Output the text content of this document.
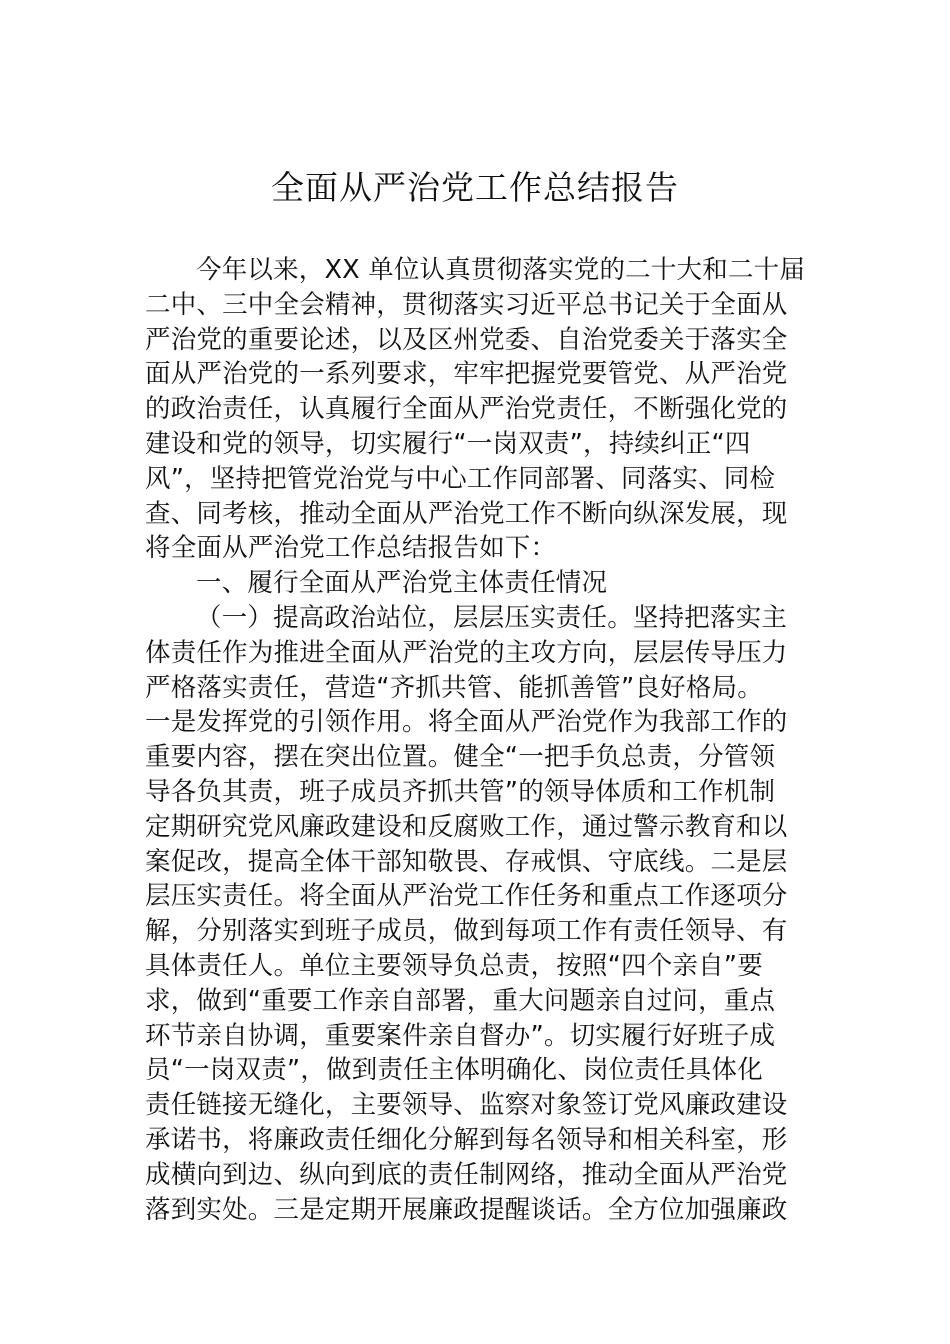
全面从严治党工作总结报告
今年以来，XX 单位认真贯彻落实党的二十大和二十届
二中、三中全会精神，贯彻落实习近平总书记关于全面从
严治党的重要论述，以及区州党委、自治党委关于落实全
面从严治党的一系列要求，牢牢把握党要管党、从严治党
的政治责任，认真履行全面从严治党责任，不断强化党的
建设和党的领导，切实履行“一岗双责”，持续纠正“四
风”，坚持把管党治党与中心工作同部署、同落实、同检
查、同考核，推动全面从严治党工作不断向纵深发展，现
将全面从严治党工作总结报告如下：
一、履行全面从严治党主体责任情况
（一）提高政治站位，层层压实责任。坚持把落实主
体责任作为推进全面从严治党的主攻方向，层层传导压力
严格落实责任，营造“齐抓共管、能抓善管”良好格局。
一是发挥党的引领作用。将全面从严治党作为我部工作的
重要内容，摆在突出位置。健全“一把手负总责，分管领
导各负其责，班子成员齐抓共管”的领导体质和工作机制
定期研究党风廉政建设和反腐败工作，通过警示教育和以
案促改，提高全体干部知敬畏、存戒惧、守底线。二是层
层压实责任。将全面从严治党工作任务和重点工作逐项分
解，分别落实到班子成员，做到每项工作有责任领导、有
具体责任人。单位主要领导负总责，按照“四个亲自”要
求，做到“重要工作亲自部署，重大问题亲自过问，重点
环节亲自协调，重要案件亲自督办”。切实履行好班子成
员“一岗双责”，做到责任主体明确化、岗位责任具体化
责任链接无缝化，主要领导、监察对象签订党风廉政建设
承诺书，将廉政责任细化分解到每名领导和相关科室，形
成横向到边、纵向到底的责任制网络，推动全面从严治党
落到实处。三是定期开展廉政提醒谈话。全方位加强廉政
